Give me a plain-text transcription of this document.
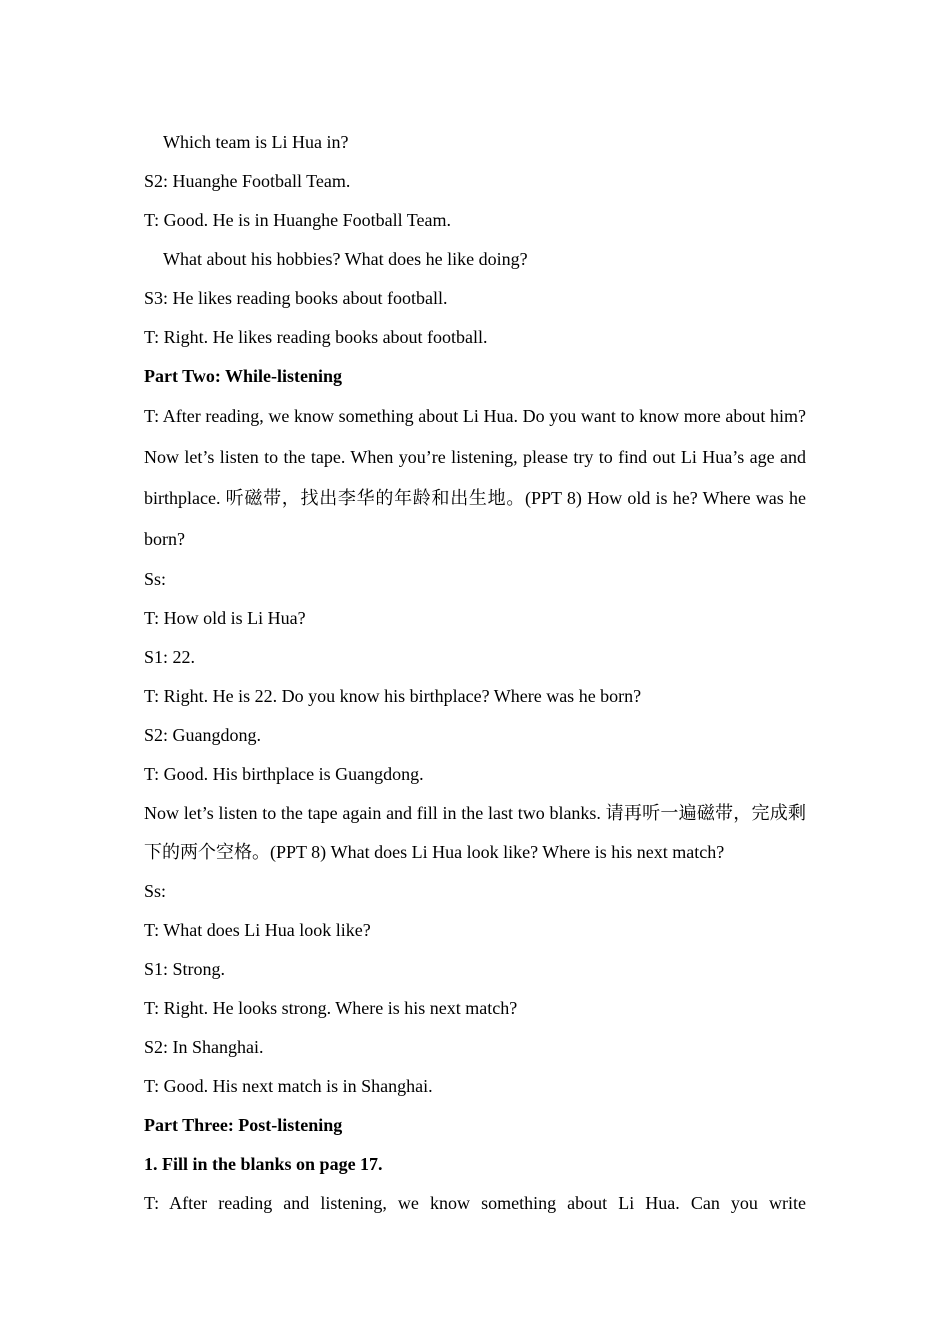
Which team is Li Hua in?
S2: Huanghe Football Team.
T: Good. He is in Huanghe Football Team.
What about his hobbies? What does he like doing?
S3: He likes reading books about football.
T: Right. He likes reading books about football.
Part Two: While-listening
T: After reading, we know something about Li Hua. Do you want to know more about him? Now let’s listen to the tape. When you’re listening, please try to find out Li Hua’s age and birthplace. 听磁带，找出李华的年龄和出生地。(PPT 8) How old is he? Where was he born?
Ss:
T: How old is Li Hua?
S1: 22.
T: Right. He is 22. Do you know his birthplace? Where was he born?
S2: Guangdong.
T: Good. His birthplace is Guangdong.
Now let’s listen to the tape again and fill in the last two blanks. 请再听一遍磁带，完成剩下的两个空格。(PPT 8) What does Li Hua look like? Where is his next match?
Ss:
T: What does Li Hua look like?
S1: Strong.
T: Right. He looks strong. Where is his next match?
S2: In Shanghai.
T: Good. His next match is in Shanghai.
Part Three: Post-listening
1. Fill in the blanks on page 17.
T: After reading and listening, we know something about Li Hua. Can you write
